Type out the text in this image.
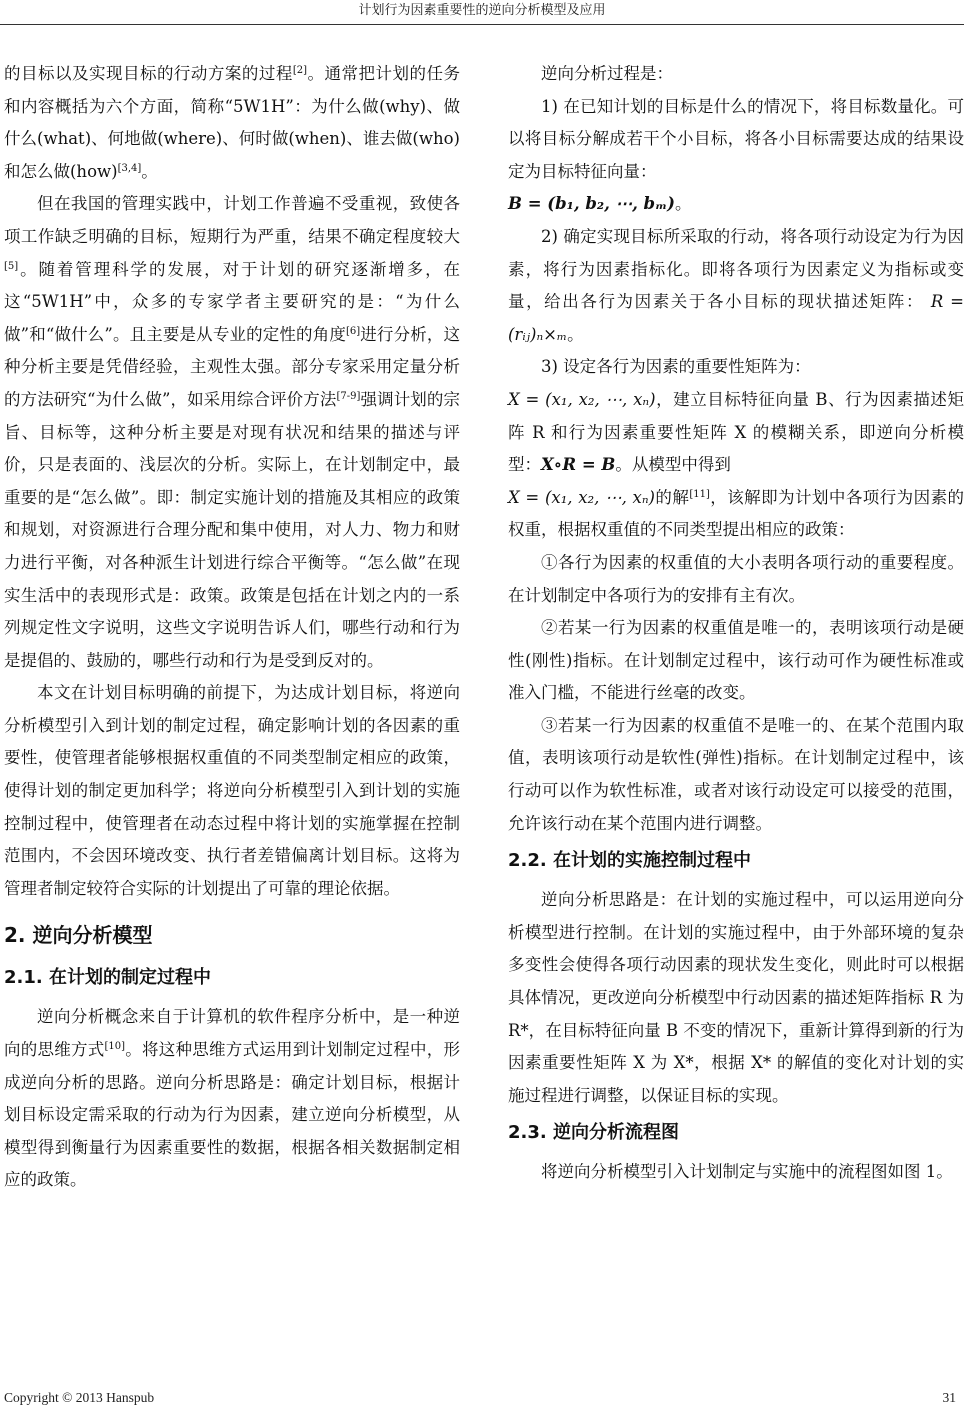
计划行为因素重要性的逆向分析模型及应用

的目标以及实现目标的行动方案的过程[2]。通常把计划的任务和内容概括为六个方面，简称“5W1H”：为什么做(why)、做什么(what)、何地做(where)、何时做(when)、谁去做(who)和怎么做(how)[3,4]。

但在我国的管理实践中，计划工作普遍不受重视，致使各项工作缺乏明确的目标，短期行为严重，结果不确定程度较大[5]。随着管理科学的发展，对于计划的研究逐渐增多，在这“5W1H”中，众多的专家学者主要研究的是：“为什么做”和“做什么”。且主要是从专业的定性的角度[6]进行分析，这种分析主要是凭借经验，主观性太强。部分专家采用定量分析的方法研究“为什么做”，如采用综合评价方法[7-9]强调计划的宗旨、目标等，这种分析主要是对现有状况和结果的描述与评价，只是表面的、浅层次的分析。实际上，在计划制定中，最重要的是“怎么做”。即：制定实施计划的措施及其相应的政策和规划，对资源进行合理分配和集中使用，对人力、物力和财力进行平衡，对各种派生计划进行综合平衡等。“怎么做”在现实生活中的表现形式是：政策。政策是包括在计划之内的一系列规定性文字说明，这些文字说明告诉人们，哪些行动和行为是提倡的、鼓励的，哪些行动和行为是受到反对的。

本文在计划目标明确的前提下，为达成计划目标，将逆向分析模型引入到计划的制定过程，确定影响计划的各因素的重要性，使管理者能够根据权重值的不同类型制定相应的政策，使得计划的制定更加科学；将逆向分析模型引入到计划的实施控制过程中，使管理者在动态过程中将计划的实施掌握在控制范围内，不会因环境改变、执行者差错偏离计划目标。这将为管理者制定较符合实际的计划提出了可靠的理论依据。

2. 逆向分析模型
2.1. 在计划的制定过程中

逆向分析概念来自于计算机的软件程序分析中，是一种逆向的思维方式[10]。将这种思维方式运用到计划制定过程中，形成逆向分析的思路。逆向分析思路是：确定计划目标，根据计划目标设定需采取的行动为行为因素，建立逆向分析模型，从模型得到衡量行为因素重要性的数据，根据各相关数据制定相应的政策。

逆向分析过程是：

1) 在已知计划的目标是什么的情况下，将目标数量化。可以将目标分解成若干个小目标，将各小目标需要达成的结果设定为目标特征向量：

B = (b₁, b₂, ⋯, bₘ)。

2) 确定实现目标所采取的行动，将各项行动设定为行为因素，将行为因素指标化。即将各项行为因素定义为指标或变量，给出各行为因素关于各小目标的现状描述矩阵： R = (rᵢⱼ)ₙ×ₘ。

3) 设定各行为因素的重要性矩阵为：

X = (x₁, x₂, ⋯, xₙ)，建立目标特征向量 B、行为因素描述矩阵 R 和行为因素重要性矩阵 X 的模糊关系，即逆向分析模型：X∘R = B。从模型中得到

X = (x₁, x₂, ⋯, xₙ)的解[11]，该解即为计划中各项行为因素的权重，根据权重值的不同类型提出相应的政策：

①各行为因素的权重值的大小表明各项行动的重要程度。在计划制定中各项行为的安排有主有次。

②若某一行为因素的权重值是唯一的，表明该项行动是硬性(刚性)指标。在计划制定过程中，该行动可作为硬性标准或准入门槛，不能进行丝毫的改变。

③若某一行为因素的权重值不是唯一的、在某个范围内取值，表明该项行动是软性(弹性)指标。在计划制定过程中，该行动可以作为软性标准，或者对该行动设定可以接受的范围，允许该行动在某个范围内进行调整。

2.2. 在计划的实施控制过程中

逆向分析思路是：在计划的实施过程中，可以运用逆向分析模型进行控制。在计划的实施过程中，由于外部环境的复杂多变性会使得各项行动因素的现状发生变化，则此时可以根据具体情况，更改逆向分析模型中行动因素的描述矩阵指标 R 为 R*，在目标特征向量 B 不变的情况下，重新计算得到新的行为因素重要性矩阵 X 为 X*，根据 X* 的解值的变化对计划的实施过程进行调整，以保证目标的实现。

2.3. 逆向分析流程图

将逆向分析模型引入计划制定与实施中的流程图如图 1。

Copyright © 2013 Hanspub	31
